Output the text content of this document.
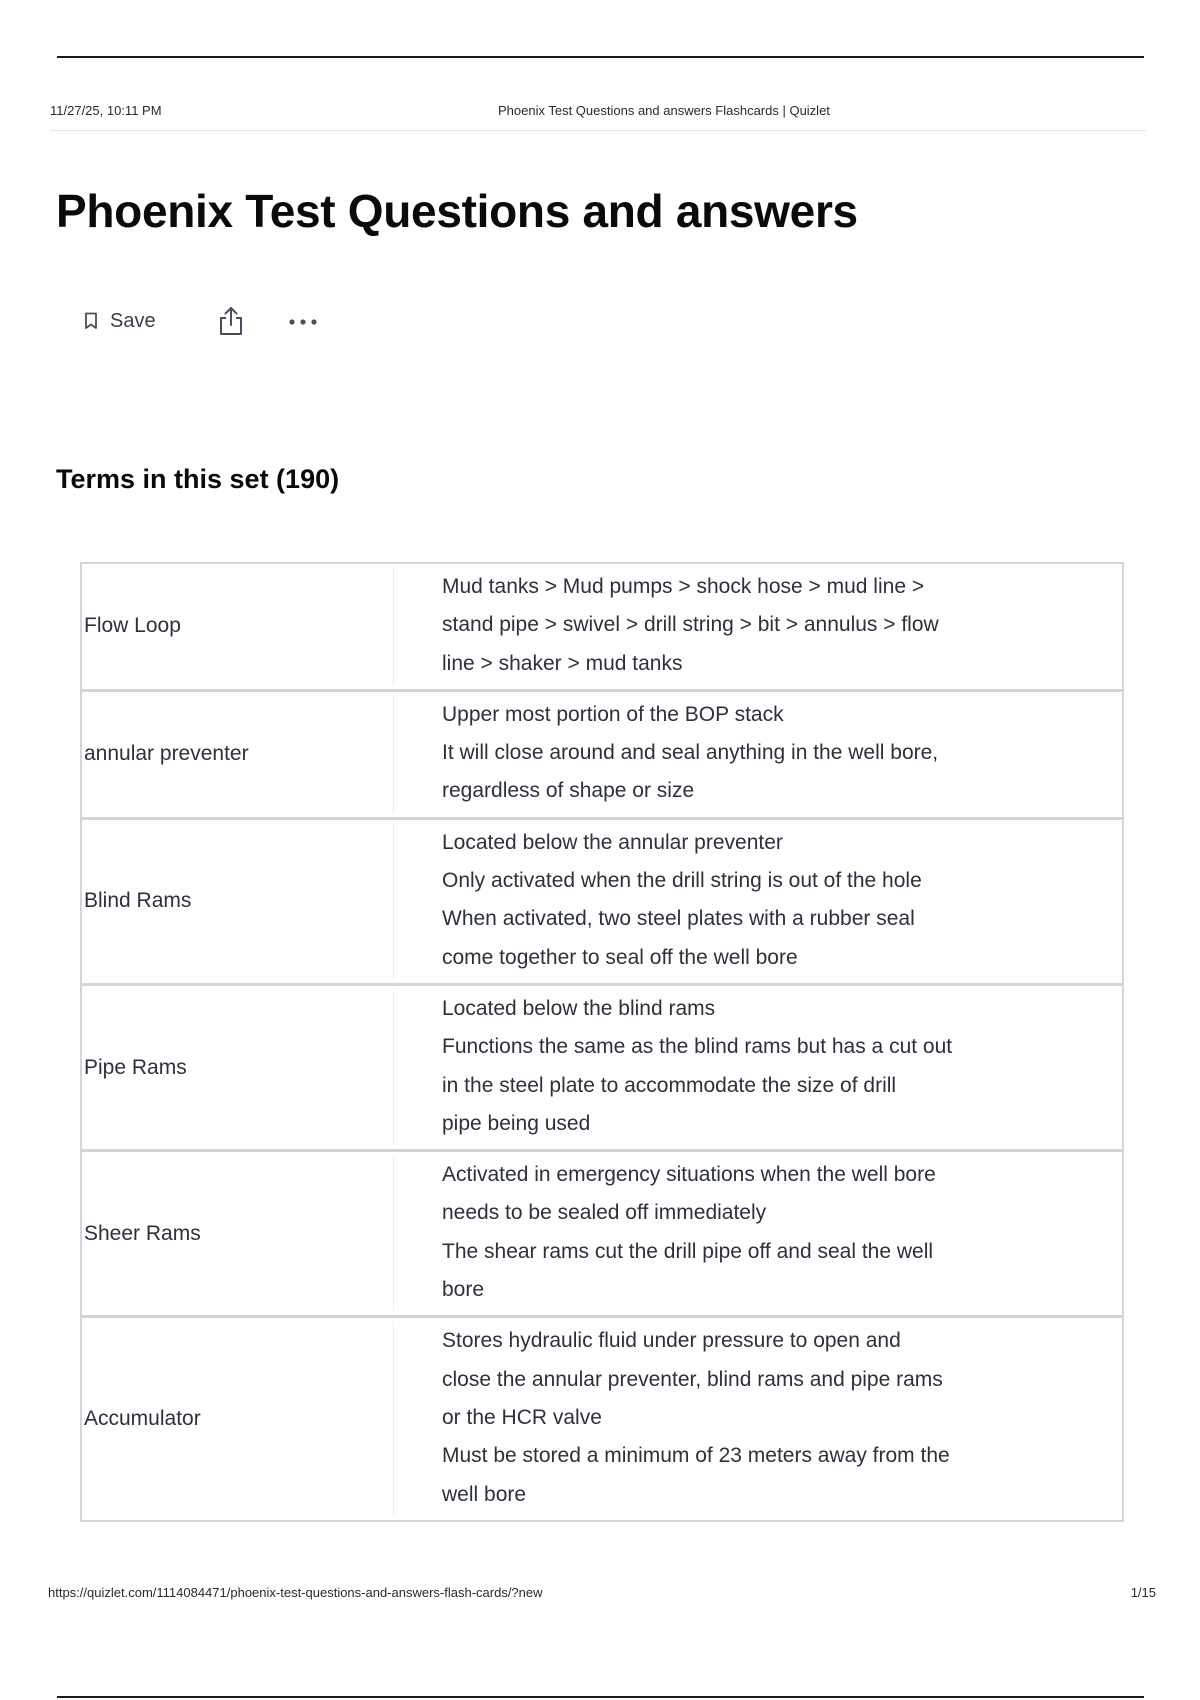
11/27/25, 10:11 PM	Phoenix Test Questions and answers Flashcards | Quizlet
Phoenix Test Questions and answers
Save
Terms in this set (190)
Flow Loop
Mud tanks > Mud pumps > shock hose > mud line >
stand pipe > swivel > drill string > bit > annulus > flow
line > shaker > mud tanks
annular preventer
Upper most portion of the BOP stack
It will close around and seal anything in the well bore,
regardless of shape or size
Blind Rams
Located below the annular preventer
Only activated when the drill string is out of the hole
When activated, two steel plates with a rubber seal
come together to seal off the well bore
Pipe Rams
Located below the blind rams
Functions the same as the blind rams but has a cut out
in the steel plate to accommodate the size of drill
pipe being used
Sheer Rams
Activated in emergency situations when the well bore
needs to be sealed off immediately
The shear rams cut the drill pipe off and seal the well
bore
Accumulator
Stores hydraulic fluid under pressure to open and
close the annular preventer, blind rams and pipe rams
or the HCR valve
Must be stored a minimum of 23 meters away from the
well bore
https://quizlet.com/1114084471/phoenix-test-questions-and-answers-flash-cards/?new	1/15
